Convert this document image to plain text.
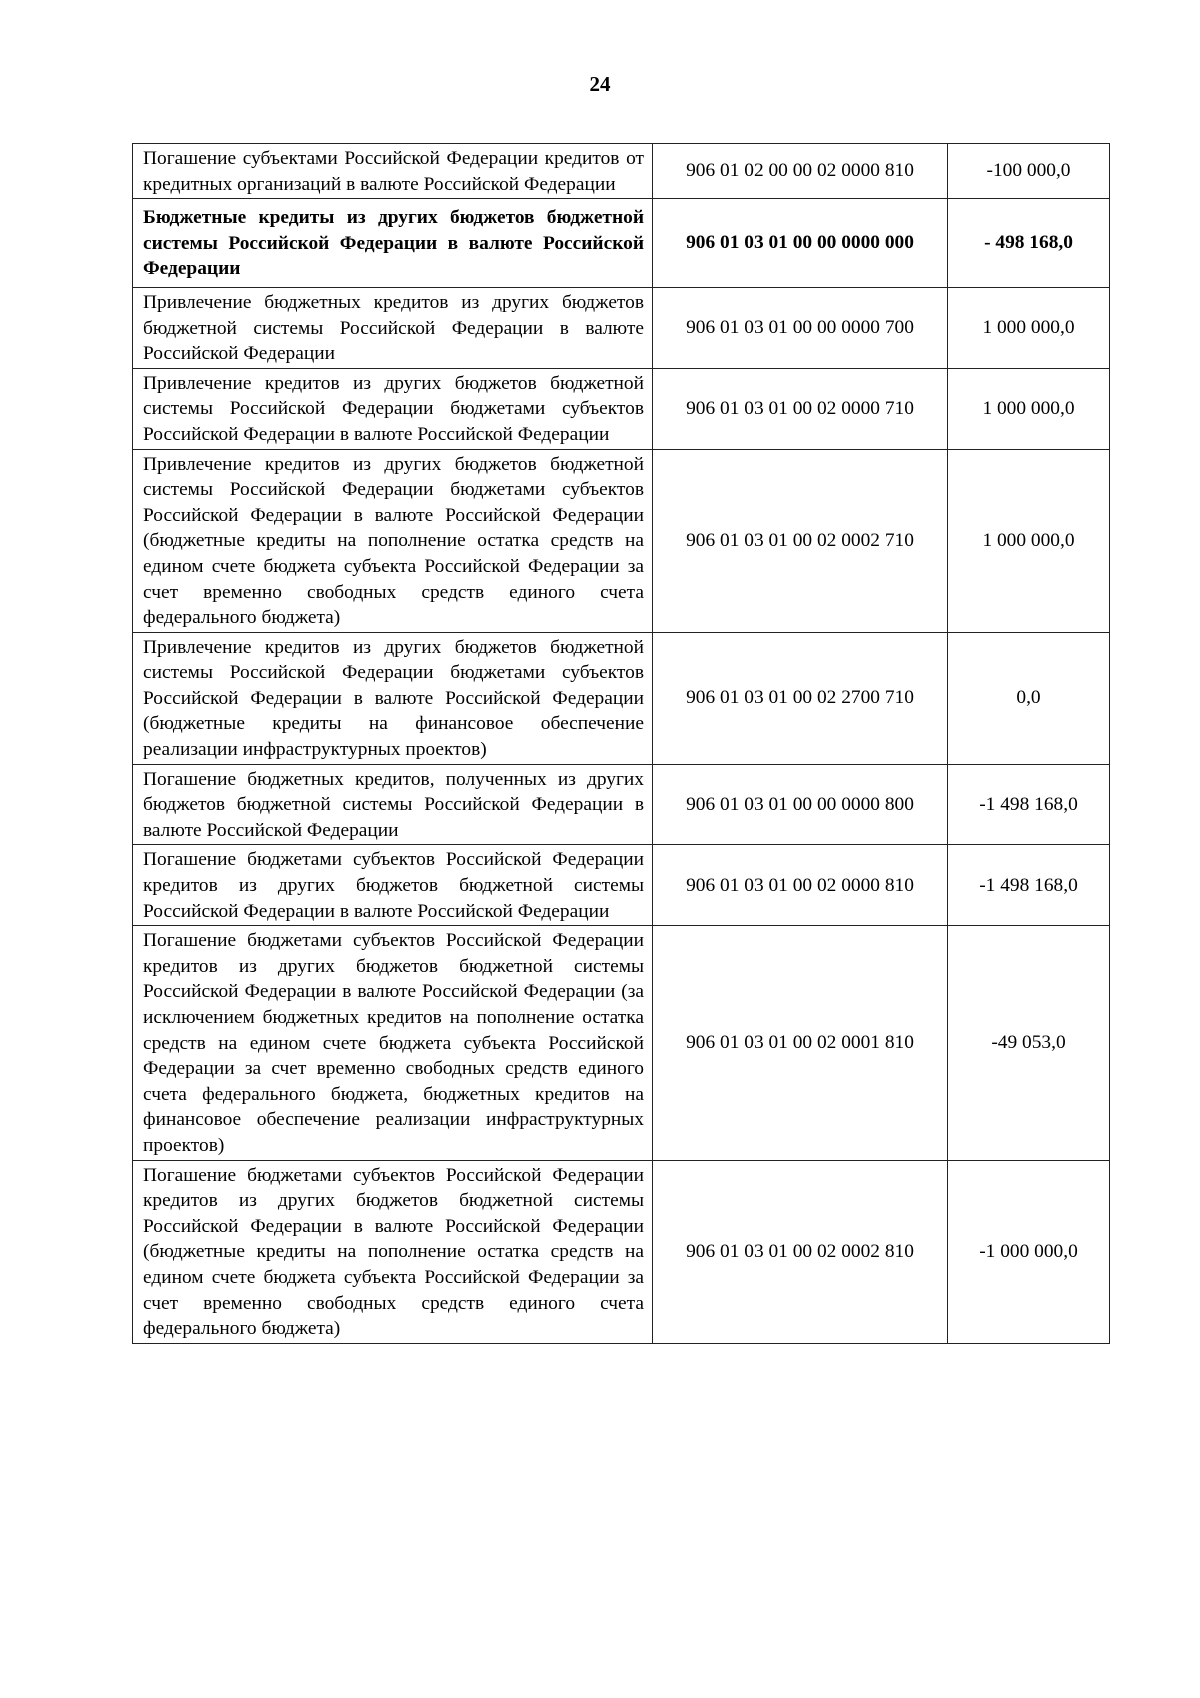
24
Погашение субъектами Российской Федерации кредитов от кредитных организаций в валюте Российской Федерации	906 01 02 00 00 02 0000 810	-100 000,0
Бюджетные кредиты из других бюджетов бюджетной системы Российской Федерации в валюте Российской Федерации	906 01 03 01 00 00 0000 000	- 498 168,0
Привлечение бюджетных кредитов из других бюджетов бюджетной системы Российской Федерации в валюте Российской Федерации	906 01 03 01 00 00 0000 700	1 000 000,0
Привлечение кредитов из других бюджетов бюджетной системы Российской Федерации бюджетами субъектов Российской Федерации в валюте Российской Федерации	906 01 03 01 00 02 0000 710	1 000 000,0
Привлечение кредитов из других бюджетов бюджетной системы Российской Федерации бюджетами субъектов Российской Федерации в валюте Российской Федерации (бюджетные кредиты на пополнение остатка средств на едином счете бюджета субъекта Российской Федерации за счет временно свободных средств единого счета федерального бюджета)	906 01 03 01 00 02 0002 710	1 000 000,0
Привлечение кредитов из других бюджетов бюджетной системы Российской Федерации бюджетами субъектов Российской Федерации в валюте Российской Федерации (бюджетные кредиты на финансовое обеспечение реализации инфраструктурных проектов)	906 01 03 01 00 02 2700 710	0,0
Погашение бюджетных кредитов, полученных из других бюджетов бюджетной системы Российской Федерации в валюте Российской Федерации	906 01 03 01 00 00 0000 800	-1 498 168,0
Погашение бюджетами субъектов Российской Федерации кредитов из других бюджетов бюджетной системы Российской Федерации в валюте Российской Федерации	906 01 03 01 00 02 0000 810	-1 498 168,0
Погашение бюджетами субъектов Российской Федерации кредитов из других бюджетов бюджетной системы Российской Федерации в валюте Российской Федерации (за исключением бюджетных кредитов на пополнение остатка средств на едином счете бюджета субъекта Российской Федерации за счет временно свободных средств единого счета федерального бюджета, бюджетных кредитов на финансовое обеспечение реализации инфраструктурных проектов)	906 01 03 01 00 02 0001 810	-49 053,0
Погашение бюджетами субъектов Российской Федерации кредитов из других бюджетов бюджетной системы Российской Федерации в валюте Российской Федерации (бюджетные кредиты на пополнение остатка средств на едином счете бюджета субъекта Российской Федерации за счет временно свободных средств единого счета федерального бюджета)	906 01 03 01 00 02 0002 810	-1 000 000,0
